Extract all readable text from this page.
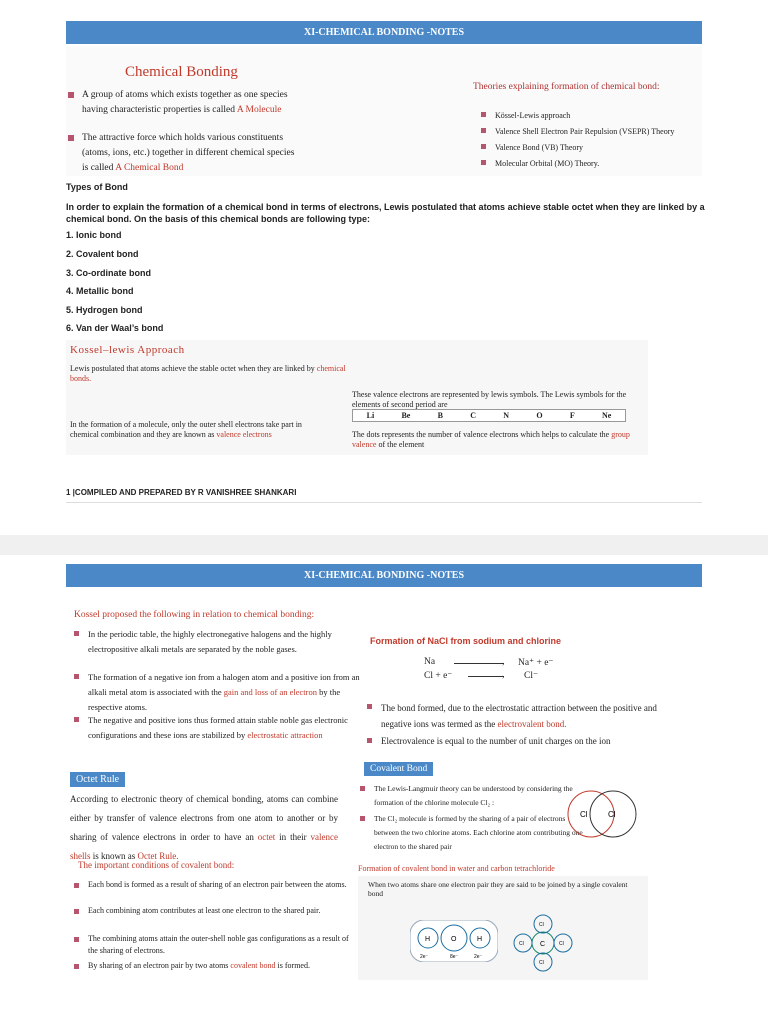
XI-CHEMICAL BONDING -NOTES
Chemical Bonding
A group of atoms which exists together as one species having characteristic properties is called A Molecule
The attractive force which holds various constituents (atoms, ions, etc.) together in different chemical species is called A Chemical Bond
Theories explaining formation of chemical bond:
Kössel-Lewis approach
Valence Shell Electron Pair Repulsion (VSEPR) Theory
Valence Bond (VB) Theory
Molecular Orbital (MO) Theory.
Types of Bond
In order to explain the formation of a chemical bond in terms of electrons, Lewis postulated that atoms achieve stable octet when they are linked by a chemical bond. On the basis of this chemical bonds are following type:
1. Ionic bond
2. Covalent bond
3. Co-ordinate bond
4. Metallic bond
5. Hydrogen bond
6. Van der Waal’s bond
Kossel–lewis Approach
Lewis postulated that atoms achieve the stable octet when they are linked by chemical bonds.
In the formation of a molecule, only the outer shell electrons take part in chemical combination and they are known as valence electrons
These valence electrons are represented by lewis symbols. The Lewis symbols for the elements of second period are
Li	Be	B	C	N	O	F	Ne
The dots represents the number of valence electrons which helps to calculate the group valence of the element
1 |COMPILED AND PREPARED BY R VANISHREE SHANKARI
XI-CHEMICAL BONDING -NOTES
Kossel proposed the following in relation to chemical bonding:
In the periodic table, the highly electronegative halogens and the highly electropositive alkali metals are separated by the noble gases.
The formation of a negative ion from a halogen atom and a positive ion from an alkali metal atom is associated with the gain and loss of an electron by the respective atoms.
The negative and positive ions thus formed attain stable noble gas electronic configurations and these ions are stabilized by electrostatic attraction
Formation of NaCl from sodium and chlorine
Na	› Na⁺ + e⁻
Cl + e⁻	› Cl⁻
The bond formed, due to the electrostatic attraction between the positive and negative ions was termed as the electrovalent bond.
Electrovalence is equal to the number of unit charges on the ion
Octet Rule
According to electronic theory of chemical bonding, atoms can combine either by transfer of valence electrons from one atom to another or by sharing of valence electrons in order to have an octet in their valence shells is known as Octet Rule.
The important conditions of covalent bond:
Each bond is formed as a result of sharing of an electron pair between the atoms.
Each combining atom contributes at least one electron to the shared pair.
The combining atoms attain the outer-shell noble gas configurations as a result of the sharing of electrons.
By sharing of an electron pair by two atoms covalent bond is formed.
Covalent Bond
The Lewis-Langmuir theory can be understood by considering the formation of the chlorine molecule Cl₂ :
The Cl₂ molecule is formed by the sharing of a pair of electrons between the two chlorine atoms. Each chlorine atom contributing one electron to the shared pair
Cl	Cl
Formation of covalent bond in water and carbon tetrachloride
When two atoms share one electron pair they are said to be joined by a single covalent bond
H	O	H
2e⁻	8e⁻	2e⁻
C
Cl
Cl
Cl	Cl
